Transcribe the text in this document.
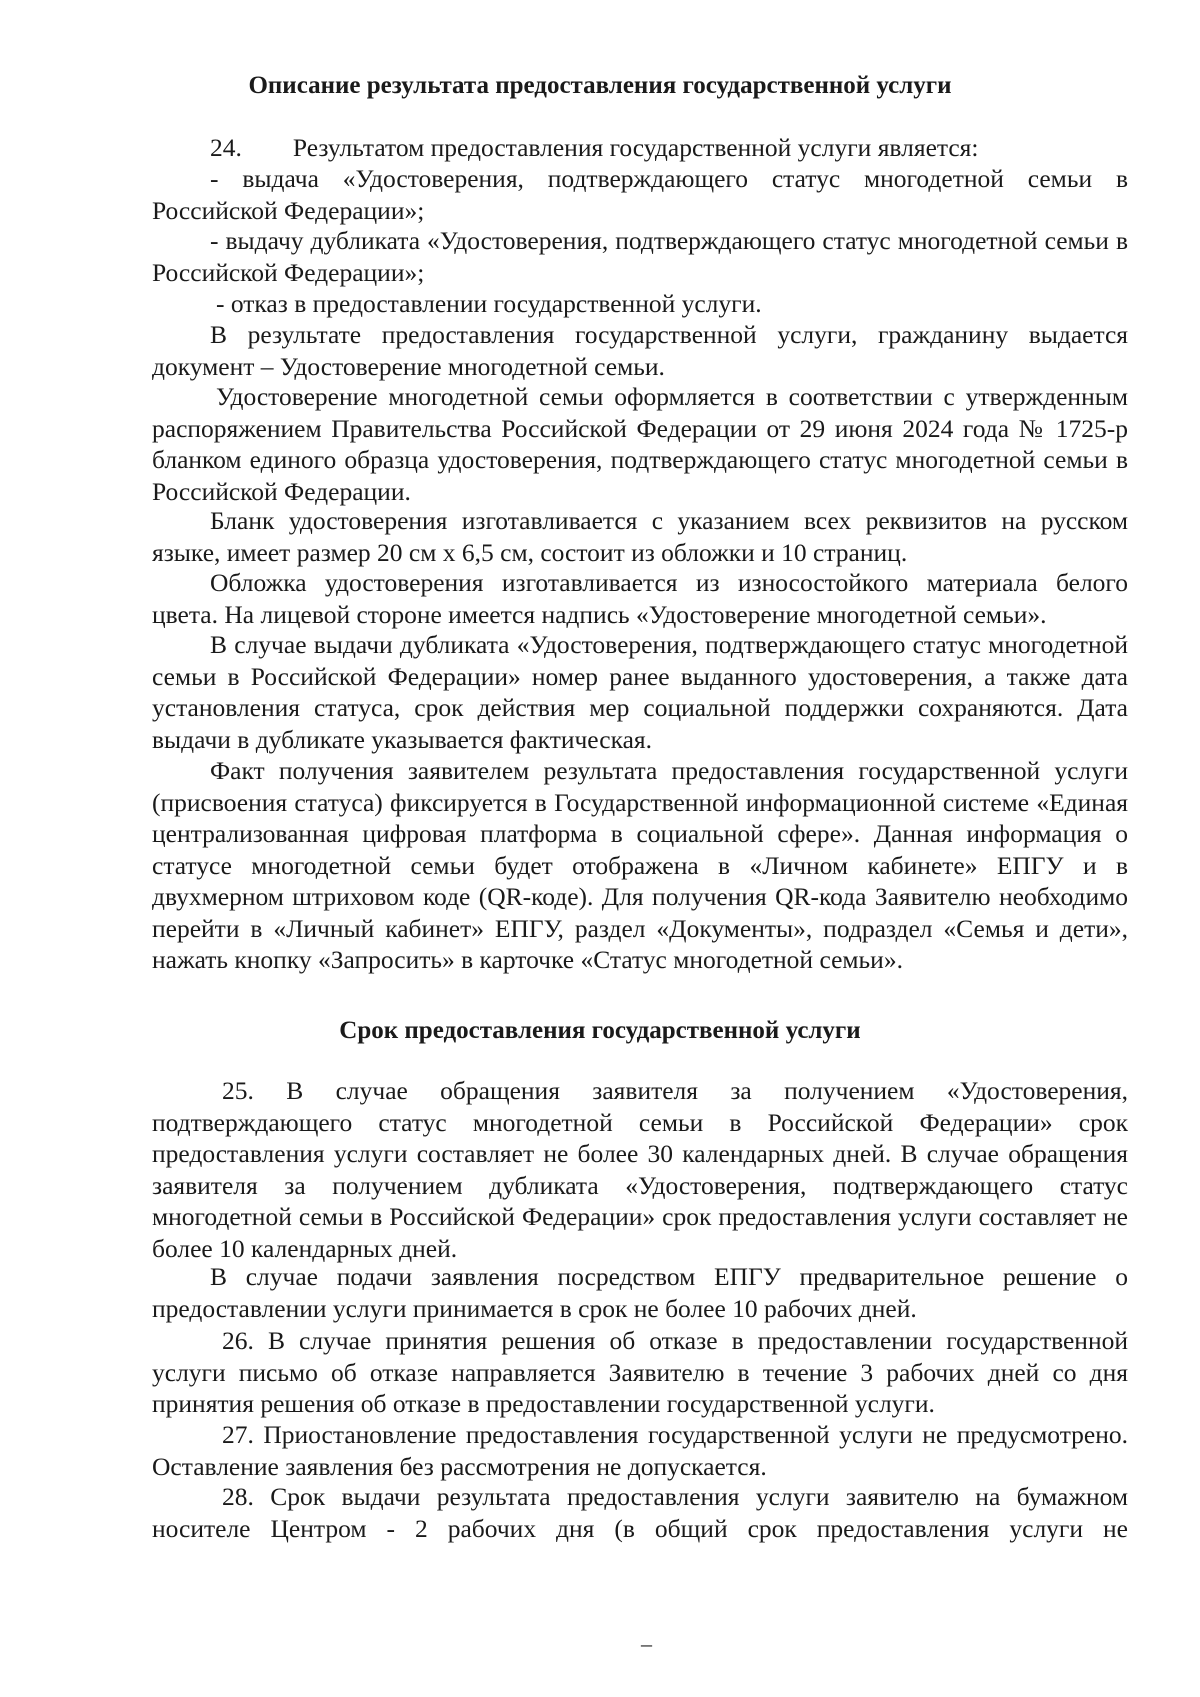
Описание результата предоставления государственной услуги

24.        Результатом предоставления государственной услуги является:

- выдача «Удостоверения, подтверждающего статус многодетной семьи в Российской Федерации»;

- выдачу дубликата «Удостоверения, подтверждающего статус многодетной семьи в Российской Федерации»;

- отказ в предоставлении государственной услуги.

В результате предоставления государственной услуги, гражданину выдается документ – Удостоверение многодетной семьи.

Удостоверение многодетной семьи оформляется в соответствии с утвержденным распоряжением Правительства Российской Федерации от 29 июня 2024 года № 1725-р бланком единого образца удостоверения, подтверждающего статус многодетной семьи в Российской Федерации.

Бланк удостоверения изготавливается с указанием всех реквизитов на русском языке, имеет размер 20 см х 6,5 см, состоит из обложки и 10 страниц.

Обложка удостоверения изготавливается из износостойкого материала белого цвета. На лицевой стороне имеется надпись «Удостоверение многодетной семьи».

В случае выдачи дубликата «Удостоверения, подтверждающего статус многодетной семьи в Российской Федерации» номер ранее выданного удостоверения, а также дата установления статуса, срок действия мер социальной поддержки сохраняются. Дата выдачи в дубликате указывается фактическая.

Факт получения заявителем результата предоставления государственной услуги (присвоения статуса) фиксируется в Государственной информационной системе «Единая централизованная цифровая платформа в социальной сфере». Данная информация о статусе многодетной семьи будет отображена в «Личном кабинете» ЕПГУ и в двухмерном штриховом коде (QR-коде). Для получения QR-кода Заявителю необходимо перейти в «Личный кабинет» ЕПГУ, раздел «Документы», подраздел «Семья и дети», нажать кнопку «Запросить» в карточке «Статус многодетной семьи».

Срок предоставления государственной услуги

25. В случае обращения заявителя за получением «Удостоверения, подтверждающего статус многодетной семьи в Российской Федерации» срок предоставления услуги составляет не более 30 календарных дней. В случае обращения заявителя за получением дубликата «Удостоверения, подтверждающего статус многодетной семьи в Российской Федерации» срок предоставления услуги составляет не более 10 календарных дней.

В случае подачи заявления посредством ЕПГУ предварительное решение о предоставлении услуги принимается в срок не более 10 рабочих дней.

26. В случае принятия решения об отказе в предоставлении государственной услуги письмо об отказе направляется Заявителю в течение 3 рабочих дней со дня принятия решения об отказе в предоставлении государственной услуги.

27. Приостановление предоставления государственной услуги не предусмотрено. Оставление заявления без рассмотрения не допускается.

28. Срок выдачи результата предоставления услуги заявителю на бумажном носителе Центром - 2 рабочих дня (в общий срок предоставления услуги не

–
